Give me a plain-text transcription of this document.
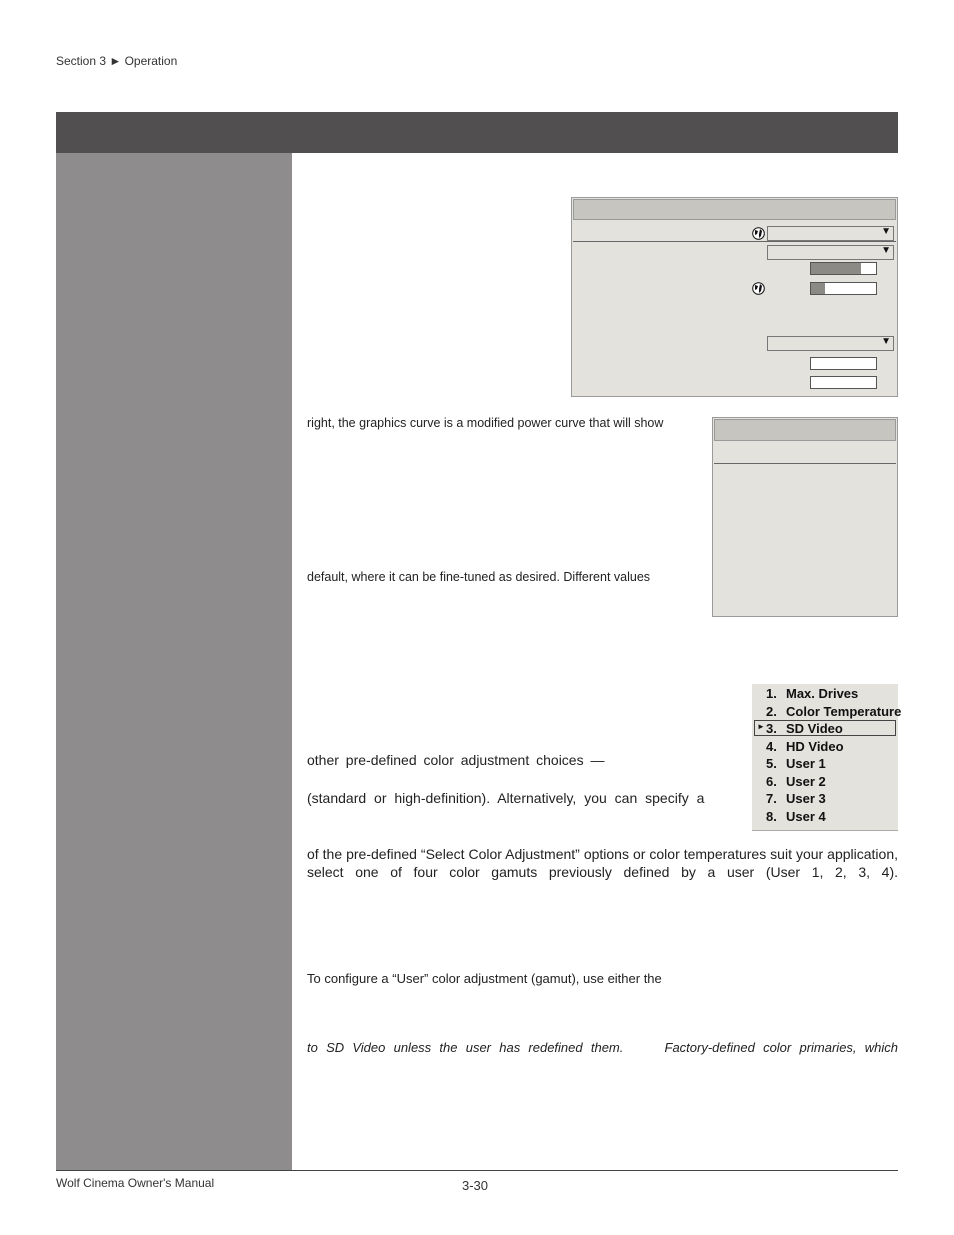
Section 3 ► Operation
▼
▼
▼
right, the graphics curve is a modified power curve that will show
default, where it can be fine-tuned as desired. Different values
other pre-defined color adjustment choices —
(standard or high-definition). Alternatively, you can specify a
of the pre-defined “Select Color Adjustment” options or color temperatures suit your application, select one of four color gamuts previously defined by a user (User 1, 2, 3, 4).
To configure a “User” color adjustment (gamut), use either the
to SD Video unless the user has redefined them.     Factory-defined color primaries, which
1. Max. Drives
2. Color Temperature
► 3. SD Video
4. HD Video
5. User 1
6. User 2
7. User 3
8. User 4
Wolf Cinema Owner's Manual	3-30
